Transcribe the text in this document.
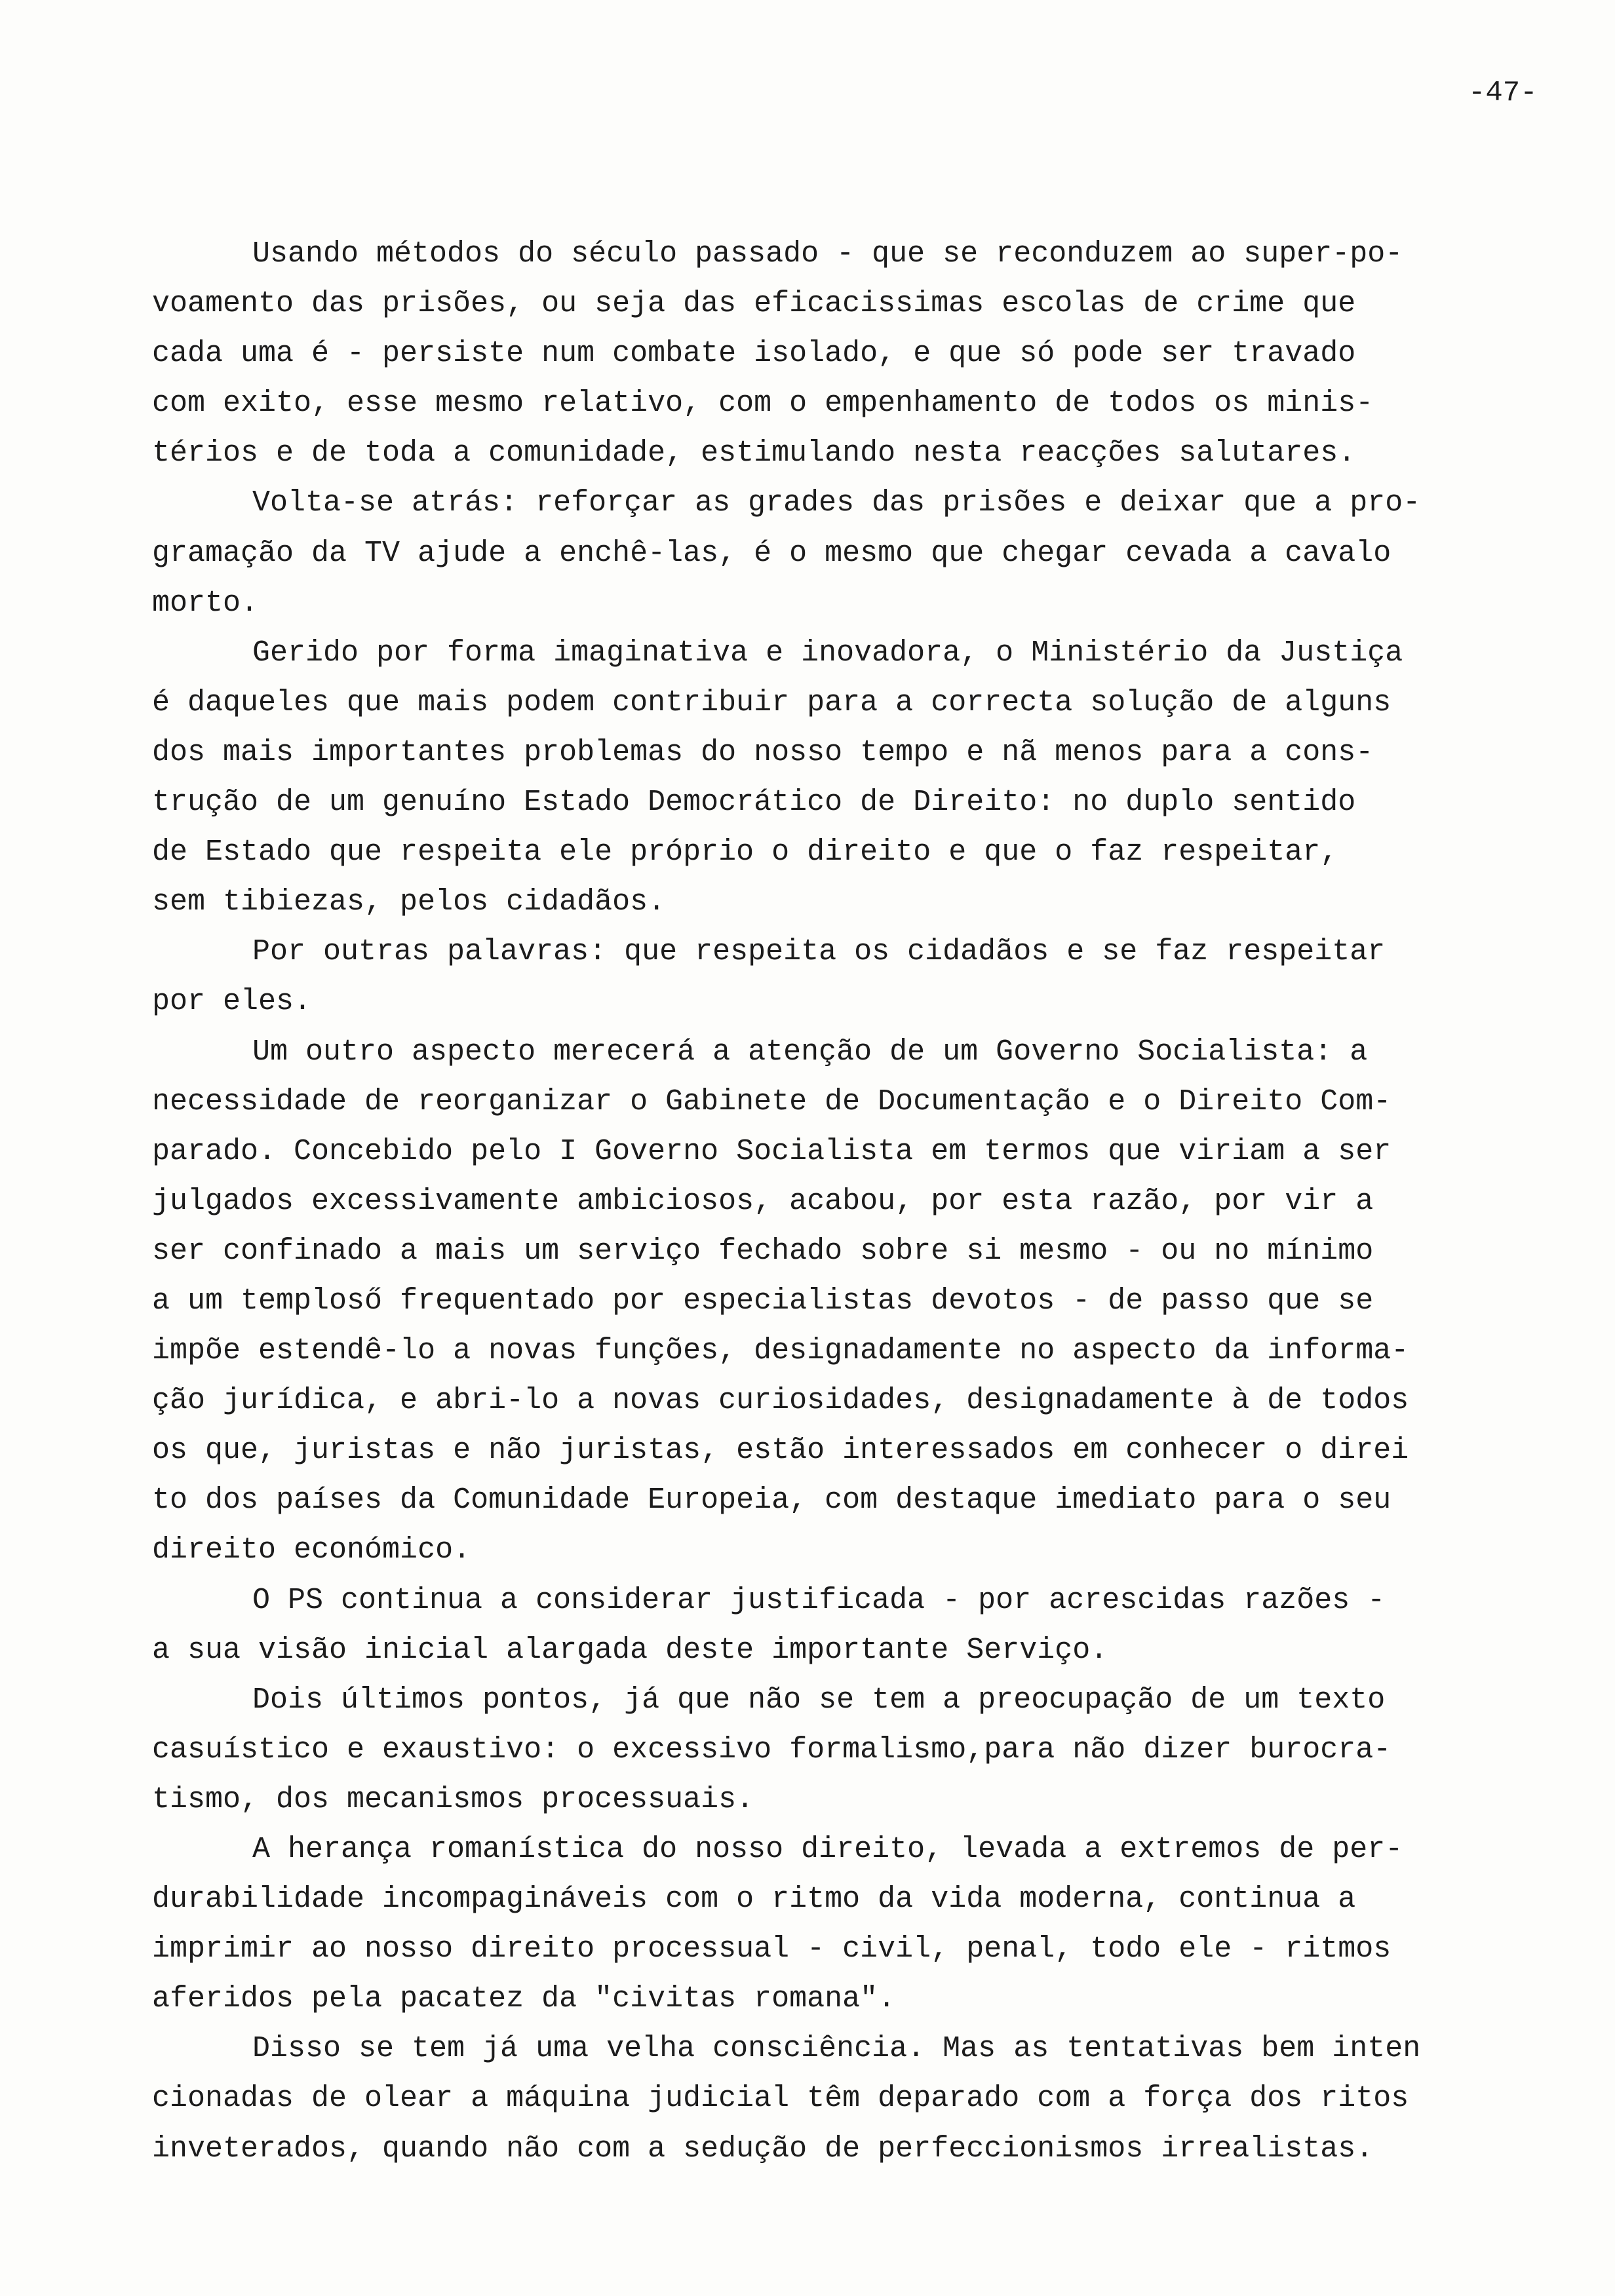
-47-
Usando métodos do século passado - que se reconduzem ao super-po-
voamento das prisões, ou seja das eficacissimas escolas de crime que
cada uma é - persiste num combate isolado, e que só pode ser travado
com exito, esse mesmo relativo, com o empenhamento de todos os minis-
térios e de toda a comunidade, estimulando nesta reacções salutares.
Volta-se atrás: reforçar as grades das prisões e deixar que a pro-
gramação da TV ajude a enchê-las, é o mesmo que chegar cevada a cavalo
morto.
Gerido por forma imaginativa e inovadora, o Ministério da Justiça
é daqueles que mais podem contribuir para a correcta solução de alguns
dos mais importantes problemas do nosso tempo e nã menos para a cons-
trução de um genuíno Estado Democrático de Direito: no duplo sentido
de Estado que respeita ele próprio o direito e que o faz respeitar,
sem tibiezas, pelos cidadãos.
Por outras palavras: que respeita os cidadãos e se faz respeitar
por eles.
Um outro aspecto merecerá a atenção de um Governo Socialista: a
necessidade de reorganizar o Gabinete de Documentação e o Direito Com-
parado. Concebido pelo I Governo Socialista em termos que viriam a ser
julgados excessivamente ambiciosos, acabou, por esta razão, por vir a
ser confinado a mais um serviço fechado sobre si mesmo - ou no mínimo
a um temploső frequentado por especialistas devotos - de passo que se
impõe estendê-lo a novas funções, designadamente no aspecto da informa-
ção jurídica, e abri-lo a novas curiosidades, designadamente à de todos
os que, juristas e não juristas, estão interessados em conhecer o direi
to dos países da Comunidade Europeia, com destaque imediato para o seu
direito económico.
O PS continua a considerar justificada - por acrescidas razões -
a sua visão inicial alargada deste importante Serviço.
Dois últimos pontos, já que não se tem a preocupação de um texto
casuístico e exaustivo: o excessivo formalismo,para não dizer burocra-
tismo, dos mecanismos processuais.
A herança romanística do nosso direito, levada a extremos de per-
durabilidade incompagináveis com o ritmo da vida moderna, continua a
imprimir ao nosso direito processual - civil, penal, todo ele - ritmos
aferidos pela pacatez da "civitas romana".
Disso se tem já uma velha consciência. Mas as tentativas bem inten
cionadas de olear a máquina judicial têm deparado com a força dos ritos
inveterados, quando não com a sedução de perfeccionismos irrealistas.
